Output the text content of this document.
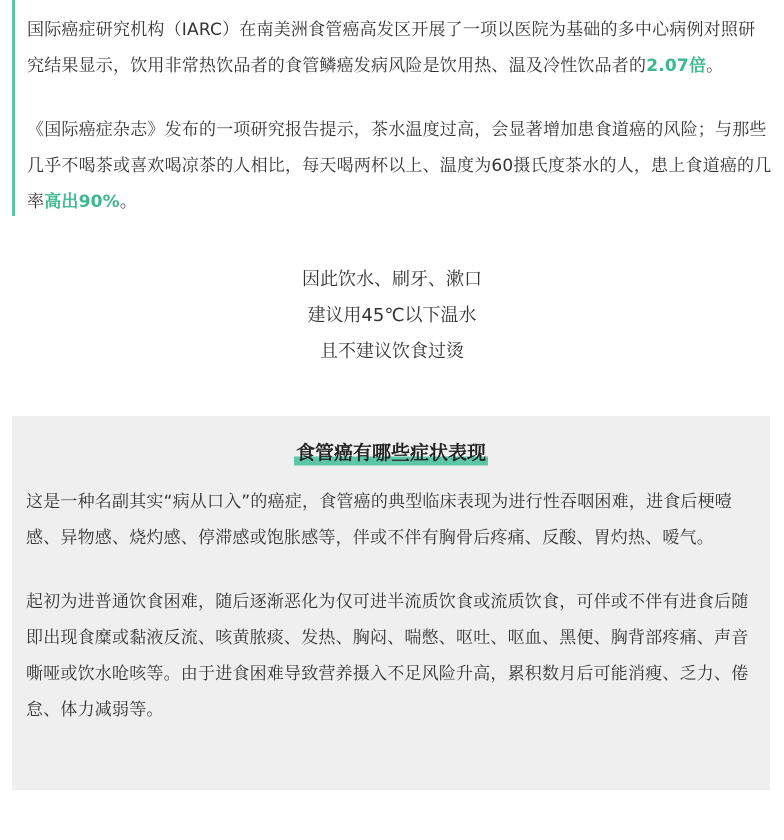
国际癌症研究机构（IARC）在南美洲食管癌高发区开展了一项以医院为基础的多中心病例对照研究结果显示，饮用非常热饮品者的食管鳞癌发病风险是饮用热、温及冷性饮品者的2.07倍。

《国际癌症杂志》发布的一项研究报告提示，茶水温度过高，会显著增加患食道癌的风险；与那些几乎不喝茶或喜欢喝凉茶的人相比，每天喝两杯以上、温度为60摄氏度茶水的人，患上食道癌的几率高出90%。

因此饮水、刷牙、漱口

建议用45℃以下温水

且不建议饮食过烫

食管癌有哪些症状表现

这是一种名副其实“病从口入”的癌症，食管癌的典型临床表现为进行性吞咽困难，进食后梗噎感、异物感、烧灼感、停滞感或饱胀感等，伴或不伴有胸骨后疼痛、反酸、胃灼热、嗳气。

起初为进普通饮食困难，随后逐渐恶化为仅可进半流质饮食或流质饮食，可伴或不伴有进食后随即出现食糜或黏液反流、咳黄脓痰、发热、胸闷、喘憋、呕吐、呕血、黑便、胸背部疼痛、声音嘶哑或饮水呛咳等。由于进食困难导致营养摄入不足风险升高，累积数月后可能消瘦、乏力、倦怠、体力减弱等。
